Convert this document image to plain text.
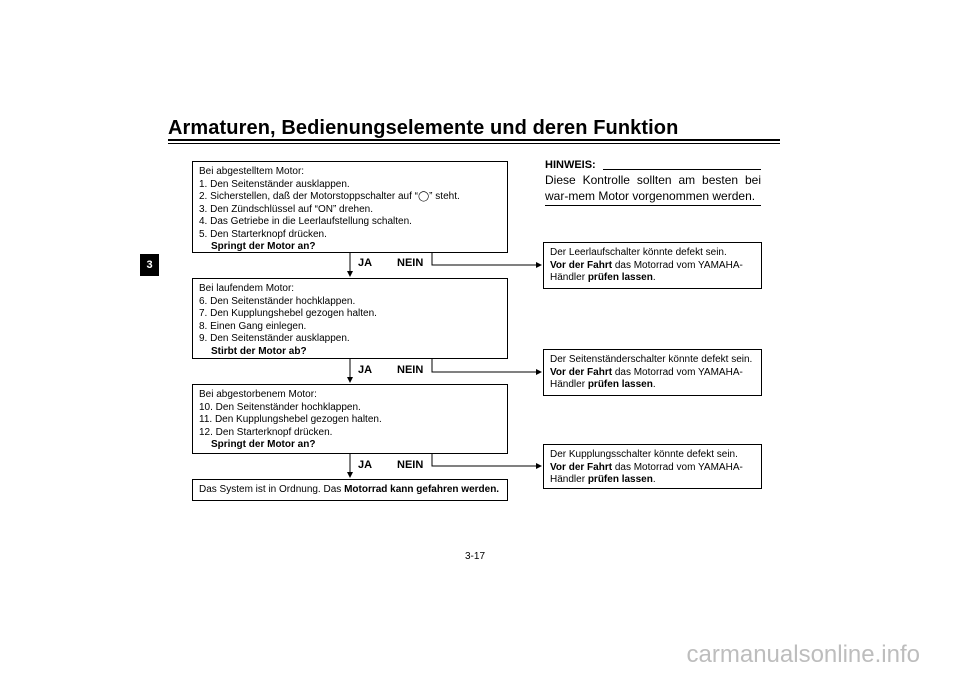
Armaturen, Bedienungselemente und deren Funktion
3
Bei abgestelltem Motor:
1. Den Seitenständer ausklappen.
2. Sicherstellen, daß der Motorstoppschalter auf “◯” steht.
3. Den Zündschlüssel auf “ON” drehen.
4. Das Getriebe in die Leerlaufstellung schalten.
5. Den Starterknopf drücken.
Springt der Motor an?
JA NEIN
Bei laufendem Motor:
6. Den Seitenständer hochklappen.
7. Den Kupplungshebel gezogen halten.
8. Einen Gang einlegen.
9. Den Seitenständer ausklappen.
Stirbt der Motor ab?
JA NEIN
Bei abgestorbenem Motor:
10. Den Seitenständer hochklappen.
11. Den Kupplungshebel gezogen halten.
12. Den Starterknopf drücken.
Springt der Motor an?
JA NEIN
Das System ist in Ordnung. Das Motorrad kann gefahren werden.
Der Leerlaufschalter könnte defekt sein.
Vor der Fahrt das Motorrad vom YAMAHA-
Händler prüfen lassen.
Der Seitenständerschalter könnte defekt sein.
Vor der Fahrt das Motorrad vom YAMAHA-
Händler prüfen lassen.
Der Kupplungsschalter könnte defekt sein.
Vor der Fahrt das Motorrad vom YAMAHA-
Händler prüfen lassen.
HINWEIS:
Diese Kontrolle sollten am besten bei war-mem Motor vorgenommen werden.
3-17
carmanualsonline.info
